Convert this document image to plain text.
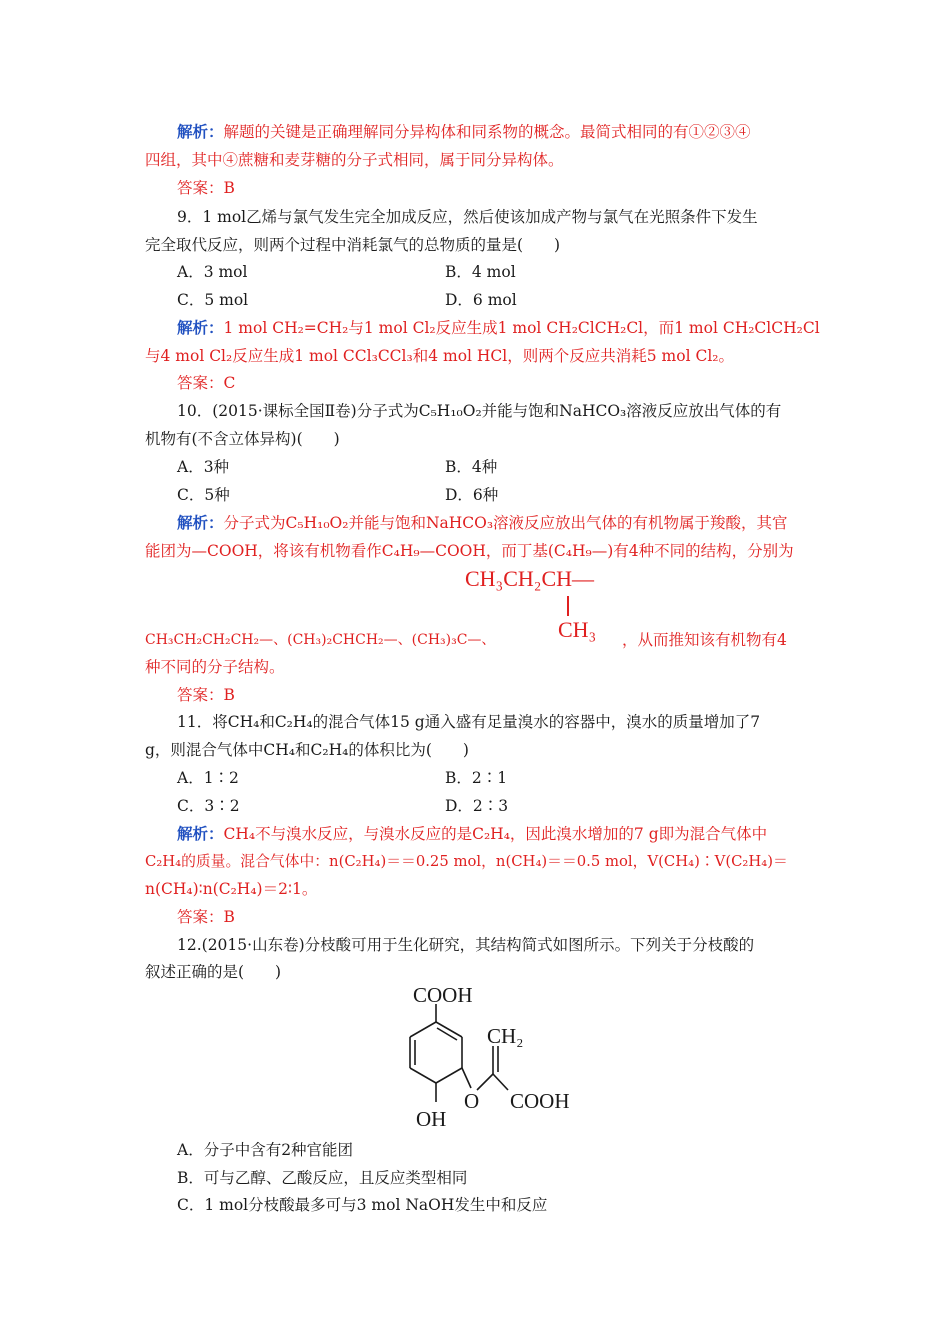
解析：解题的关键是正确理解同分异构体和同系物的概念。最简式相同的有①②③④
四组，其中④蔗糖和麦芽糖的分子式相同，属于同分异构体。
答案：B
9．1 mol乙烯与氯气发生完全加成反应，然后使该加成产物与氯气在光照条件下发生
完全取代反应，则两个过程中消耗氯气的总物质的量是(　　)
A．3 mol	B．4 mol
C．5 mol	D．6 mol
解析：1 mol CH₂=CH₂与1 mol Cl₂反应生成1 mol CH₂ClCH₂Cl，而1 mol CH₂ClCH₂Cl
与4 mol Cl₂反应生成1 mol CCl₃CCl₃和4 mol HCl，则两个反应共消耗5 mol Cl₂。
答案：C
10．(2015·课标全国Ⅱ卷)分子式为C₅H₁₀O₂并能与饱和NaHCO₃溶液反应放出气体的有
机物有(不含立体异构)(　　)
A．3种	B．4种
C．5种	D．6种
解析：分子式为C₅H₁₀O₂并能与饱和NaHCO₃溶液反应放出气体的有机物属于羧酸，其官
能团为—COOH，将该有机物看作C₄H₉—COOH，而丁基(C₄H₉—)有4种不同的结构，分别为
CH₃CH₂CH—
CH₃
CH₃CH₂CH₂CH₂—、(CH₃)₂CHCH₂—、(CH₃)₃C—、	，从而推知该有机物有4
种不同的分子结构。
答案：B
11．将CH₄和C₂H₄的混合气体15 g通入盛有足量溴水的容器中，溴水的质量增加了7
g，则混合气体中CH₄和C₂H₄的体积比为(　　)
A．1∶2	B．2∶1
C．3∶2	D．2∶3
解析：CH₄不与溴水反应，与溴水反应的是C₂H₄，因此溴水增加的7 g即为混合气体中
C₂H₄的质量。混合气体中：n(C₂H₄)＝＝0.25 mol，n(CH₄)＝＝0.5 mol，V(CH₄)∶V(C₂H₄)＝
n(CH₄)∶n(C₂H₄)＝2∶1。
答案：B
12.(2015·山东卷)分枝酸可用于生化研究，其结构简式如图所示。下列关于分枝酸的
叙述正确的是(　　)
COOH
CH₂
O COOH
OH
A．分子中含有2种官能团
B．可与乙醇、乙酸反应，且反应类型相同
C．1 mol分枝酸最多可与3 mol NaOH发生中和反应
